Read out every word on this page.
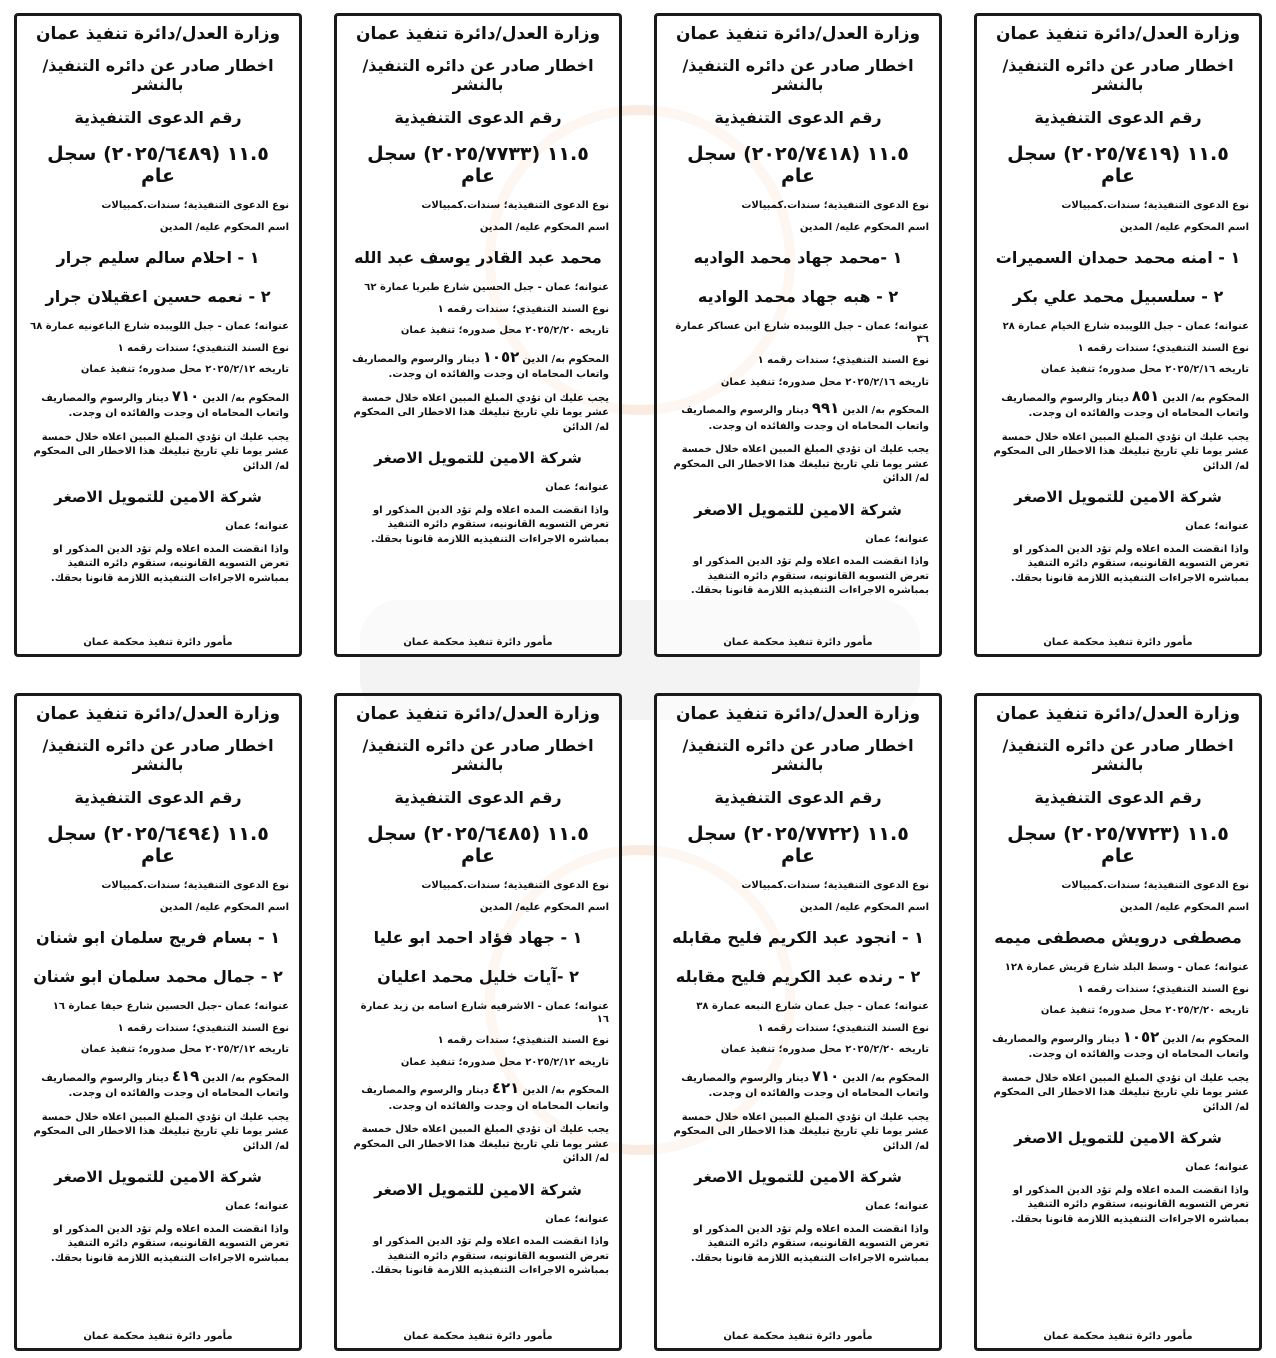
وزارة العدل/دائرة تنفيذ عمان
اخطار صادر عن دائره التنفيذ/ بالنشر
رقم الدعوى التنفيذية
١١.٥ (٢٠٢٥/٧٤١٩) سجل عام
نوع الدعوى التنفيذية؛ سندات.كمبيالات
اسم المحكوم عليه/ المدين
١ - امنه محمد حمدان السميرات
٢ - سلسبيل محمد علي بكر
عنوانه؛ عمان - جبل اللويبده شارع الخيام عمارة ٢٨
نوع السند التنفيذي؛ سندات رقمه ١
تاريخه ٢٠٢٥/٢/١٦ محل صدوره؛ تنفيذ عمان
المحكوم به/ الدين٨٥١دينار والرسوم والمصاريف واتعاب المحاماه ان وجدت والفائده ان وجدت.
يجب عليك ان تؤدي المبلغ المبين اعلاه خلال خمسة عشر يوما تلي تاريخ تبليغك هذا الاخطار الى المحكوم له/ الدائن
شركة الامين للتمويل الاصغر
عنوانه؛ عمان
واذا انقضت المده اعلاه ولم تؤد الدين المذكور او تعرض التسويه القانونيه، ستقوم دائره التنفيذ بمباشره الاجراءات التنفيذيه اللازمة قانونا بحقك.
مأمور دائرة تنفيذ محكمة عمان
وزارة العدل/دائرة تنفيذ عمان
اخطار صادر عن دائره التنفيذ/ بالنشر
رقم الدعوى التنفيذية
١١.٥ (٢٠٢٥/٧٤١٨) سجل عام
نوع الدعوى التنفيذية؛ سندات.كمبيالات
اسم المحكوم عليه/ المدين
١ -محمد جهاد محمد الواديه
٢ - هبه جهاد محمد الواديه
عنوانه؛ عمان - جبل اللويبده شارع ابن عساكر عمارة ٣٦
نوع السند التنفيذي؛ سندات رقمه ١
تاريخه ٢٠٢٥/٢/١٦ محل صدوره؛ تنفيذ عمان
المحكوم به/ الدين٩٩١دينار والرسوم والمصاريف واتعاب المحاماه ان وجدت والفائده ان وجدت.
يجب عليك ان تؤدي المبلغ المبين اعلاه خلال خمسة عشر يوما تلي تاريخ تبليغك هذا الاخطار الى المحكوم له/ الدائن
شركة الامين للتمويل الاصغر
عنوانه؛ عمان
واذا انقضت المده اعلاه ولم تؤد الدين المذكور او تعرض التسويه القانونيه، ستقوم دائره التنفيذ بمباشره الاجراءات التنفيذيه اللازمة قانونا بحقك.
مأمور دائرة تنفيذ محكمة عمان
وزارة العدل/دائرة تنفيذ عمان
اخطار صادر عن دائره التنفيذ/ بالنشر
رقم الدعوى التنفيذية
١١.٥ (٢٠٢٥/٧٧٣٣) سجل عام
نوع الدعوى التنفيذية؛ سندات.كمبيالات
اسم المحكوم عليه/ المدين
محمد عبد القادر يوسف عبد الله
عنوانه؛ عمان - جبل الحسين شارع طبريا عمارة ٦٢
نوع السند التنفيذي؛ سندات رقمه ١
تاريخه ٢٠٢٥/٢/٢٠ محل صدوره؛ تنفيذ عمان
المحكوم به/ الدين١٠٥٢دينار والرسوم والمصاريف واتعاب المحاماه ان وجدت والفائده ان وجدت.
يجب عليك ان تؤدي المبلغ المبين اعلاه خلال خمسة عشر يوما تلي تاريخ تبليغك هذا الاخطار الى المحكوم له/ الدائن
شركة الامين للتمويل الاصغر
عنوانه؛ عمان
واذا انقضت المده اعلاه ولم تؤد الدين المذكور او تعرض التسويه القانونيه، ستقوم دائره التنفيذ بمباشره الاجراءات التنفيذيه اللازمة قانونا بحقك.
مأمور دائرة تنفيذ محكمة عمان
وزارة العدل/دائرة تنفيذ عمان
اخطار صادر عن دائره التنفيذ/ بالنشر
رقم الدعوى التنفيذية
١١.٥ (٢٠٢٥/٦٤٨٩) سجل عام
نوع الدعوى التنفيذية؛ سندات.كمبيالات
اسم المحكوم عليه/ المدين
١ - احلام سالم سليم جرار
٢ - نعمه حسين اعقيلان جرار
عنوانه؛ عمان - جبل اللويبده شارع الباعونيه عمارة ٦٨
نوع السند التنفيذي؛ سندات رقمه ١
تاريخه ٢٠٢٥/٢/١٢ محل صدوره؛ تنفيذ عمان
المحكوم به/ الدين٧١٠دينار والرسوم والمصاريف واتعاب المحاماه ان وجدت والفائده ان وجدت.
يجب عليك ان تؤدي المبلغ المبين اعلاه خلال خمسة عشر يوما تلي تاريخ تبليغك هذا الاخطار الى المحكوم له/ الدائن
شركة الامين للتمويل الاصغر
عنوانه؛ عمان
واذا انقضت المده اعلاه ولم تؤد الدين المذكور او تعرض التسويه القانونيه، ستقوم دائره التنفيذ بمباشره الاجراءات التنفيذيه اللازمة قانونا بحقك.
مأمور دائرة تنفيذ محكمة عمان
وزارة العدل/دائرة تنفيذ عمان
اخطار صادر عن دائره التنفيذ/ بالنشر
رقم الدعوى التنفيذية
١١.٥ (٢٠٢٥/٧٧٢٣) سجل عام
نوع الدعوى التنفيذية؛ سندات.كمبيالات
اسم المحكوم عليه/ المدين
مصطفى درويش مصطفى ميمه
عنوانه؛ عمان - وسط البلد شارع قريش عمارة ١٢٨
نوع السند التنفيذي؛ سندات رقمه ١
تاريخه ٢٠٢٥/٢/٢٠ محل صدوره؛ تنفيذ عمان
المحكوم به/ الدين١٠٥٢دينار والرسوم والمصاريف واتعاب المحاماه ان وجدت والفائده ان وجدت.
يجب عليك ان تؤدي المبلغ المبين اعلاه خلال خمسة عشر يوما تلي تاريخ تبليغك هذا الاخطار الى المحكوم له/ الدائن
شركة الامين للتمويل الاصغر
عنوانه؛ عمان
واذا انقضت المده اعلاه ولم تؤد الدين المذكور او تعرض التسويه القانونيه، ستقوم دائره التنفيذ بمباشره الاجراءات التنفيذيه اللازمة قانونا بحقك.
مأمور دائرة تنفيذ محكمة عمان
وزارة العدل/دائرة تنفيذ عمان
اخطار صادر عن دائره التنفيذ/ بالنشر
رقم الدعوى التنفيذية
١١.٥ (٢٠٢٥/٧٧٢٢) سجل عام
نوع الدعوى التنفيذية؛ سندات.كمبيالات
اسم المحكوم عليه/ المدين
١ - انجود عبد الكريم فليح مقابله
٢ - رنده عبد الكريم فليح مقابله
عنوانه؛ عمان - جبل عمان شارع النبعه عمارة ٣٨
نوع السند التنفيذي؛ سندات رقمه ١
تاريخه ٢٠٢٥/٢/٢٠ محل صدوره؛ تنفيذ عمان
المحكوم به/ الدين٧١٠دينار والرسوم والمصاريف واتعاب المحاماه ان وجدت والفائده ان وجدت.
يجب عليك ان تؤدي المبلغ المبين اعلاه خلال خمسة عشر يوما تلي تاريخ تبليغك هذا الاخطار الى المحكوم له/ الدائن
شركة الامين للتمويل الاصغر
عنوانه؛ عمان
واذا انقضت المده اعلاه ولم تؤد الدين المذكور او تعرض التسويه القانونيه، ستقوم دائره التنفيذ بمباشره الاجراءات التنفيذيه اللازمة قانونا بحقك.
مأمور دائرة تنفيذ محكمة عمان
وزارة العدل/دائرة تنفيذ عمان
اخطار صادر عن دائره التنفيذ/ بالنشر
رقم الدعوى التنفيذية
١١.٥ (٢٠٢٥/٦٤٨٥) سجل عام
نوع الدعوى التنفيذية؛ سندات.كمبيالات
اسم المحكوم عليه/ المدين
١ - جهاد فؤاد احمد ابو عليا
٢ -آيات خليل محمد اعليان
عنوانه؛ عمان - الاشرفيه شارع اسامه بن زيد عمارة ١٦
نوع السند التنفيذي؛ سندات رقمه ١
تاريخه ٢٠٢٥/٢/١٢ محل صدوره؛ تنفيذ عمان
المحكوم به/ الدين٤٢١دينار والرسوم والمصاريف واتعاب المحاماه ان وجدت والفائده ان وجدت.
يجب عليك ان تؤدي المبلغ المبين اعلاه خلال خمسة عشر يوما تلي تاريخ تبليغك هذا الاخطار الى المحكوم له/ الدائن
شركة الامين للتمويل الاصغر
عنوانه؛ عمان
واذا انقضت المده اعلاه ولم تؤد الدين المذكور او تعرض التسويه القانونيه، ستقوم دائره التنفيذ بمباشره الاجراءات التنفيذيه اللازمة قانونا بحقك.
مأمور دائرة تنفيذ محكمة عمان
وزارة العدل/دائرة تنفيذ عمان
اخطار صادر عن دائره التنفيذ/ بالنشر
رقم الدعوى التنفيذية
١١.٥ (٢٠٢٥/٦٤٩٤) سجل عام
نوع الدعوى التنفيذية؛ سندات.كمبيالات
اسم المحكوم عليه/ المدين
١ - بسام فريج سلمان ابو شنان
٢ - جمال محمد سلمان ابو شنان
عنوانه؛ عمان -جبل الحسين شارع حيفا عمارة ١٦
نوع السند التنفيذي؛ سندات رقمه ١
تاريخه ٢٠٢٥/٢/١٢ محل صدوره؛ تنفيذ عمان
المحكوم به/ الدين٤١٩دينار والرسوم والمصاريف واتعاب المحاماه ان وجدت والفائده ان وجدت.
يجب عليك ان تؤدي المبلغ المبين اعلاه خلال خمسة عشر يوما تلي تاريخ تبليغك هذا الاخطار الى المحكوم له/ الدائن
شركة الامين للتمويل الاصغر
عنوانه؛ عمان
واذا انقضت المده اعلاه ولم تؤد الدين المذكور او تعرض التسويه القانونيه، ستقوم دائره التنفيذ بمباشره الاجراءات التنفيذيه اللازمة قانونا بحقك.
مأمور دائرة تنفيذ محكمة عمان
